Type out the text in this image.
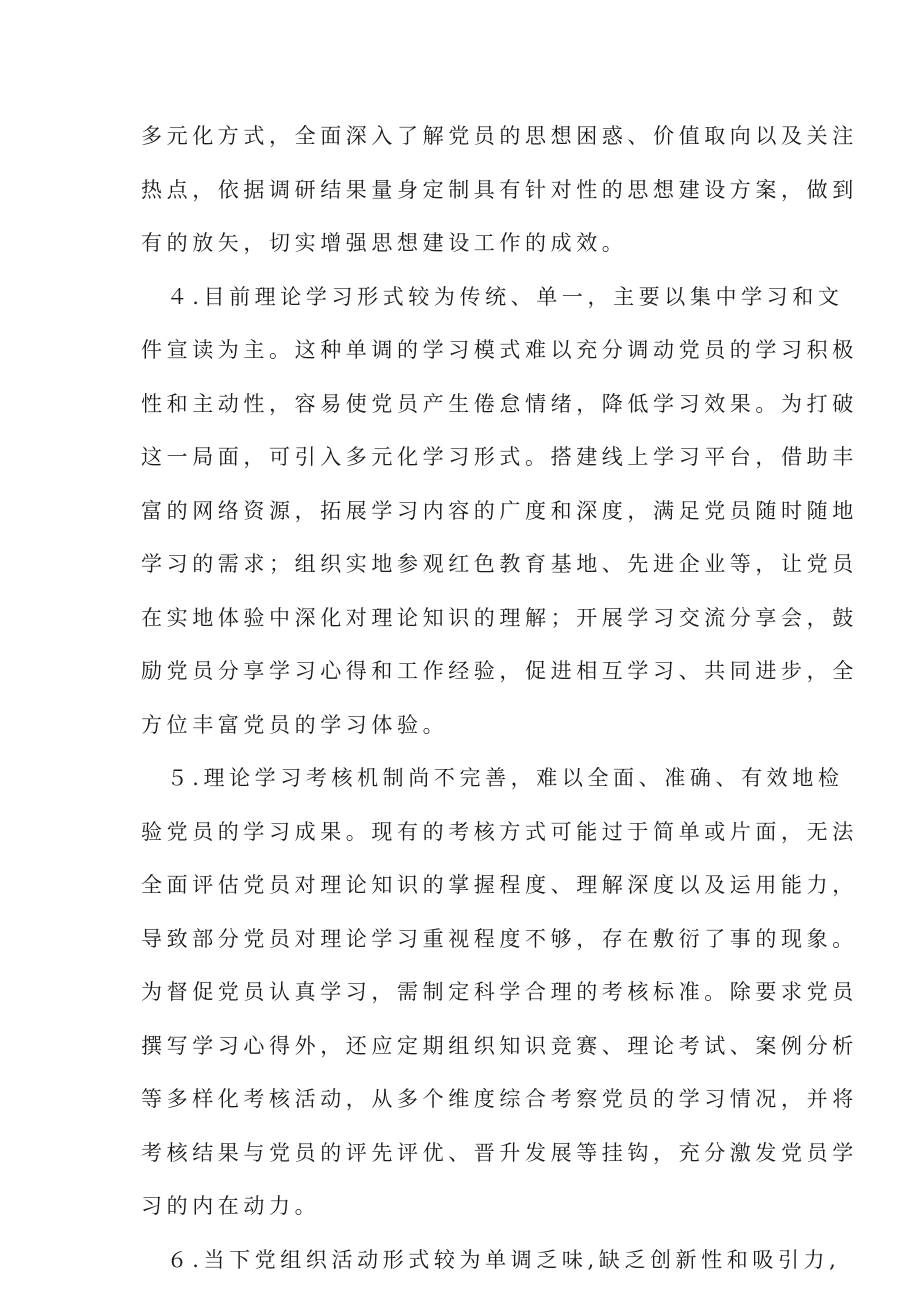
多元化方式，全面深入了解党员的思想困惑、价值取向以及关注
热点，依据调研结果量身定制具有针对性的思想建设方案，做到
有的放矢，切实增强思想建设工作的成效。
　４.目前理论学习形式较为传统、单一，主要以集中学习和文
件宣读为主。这种单调的学习模式难以充分调动党员的学习积极
性和主动性，容易使党员产生倦怠情绪，降低学习效果。为打破
这一局面，可引入多元化学习形式。搭建线上学习平台，借助丰
富的网络资源，拓展学习内容的广度和深度，满足党员随时随地
学习的需求；组织实地参观红色教育基地、先进企业等，让党员
在实地体验中深化对理论知识的理解；开展学习交流分享会，鼓
励党员分享学习心得和工作经验，促进相互学习、共同进步，全
方位丰富党员的学习体验。
　５.理论学习考核机制尚不完善，难以全面、准确、有效地检
验党员的学习成果。现有的考核方式可能过于简单或片面，无法
全面评估党员对理论知识的掌握程度、理解深度以及运用能力，
导致部分党员对理论学习重视程度不够，存在敷衍了事的现象。
为督促党员认真学习，需制定科学合理的考核标准。除要求党员
撰写学习心得外，还应定期组织知识竞赛、理论考试、案例分析
等多样化考核活动，从多个维度综合考察党员的学习情况，并将
考核结果与党员的评先评优、晋升发展等挂钩，充分激发党员学
习的内在动力。
　６.当下党组织活动形式较为单调乏味,缺乏创新性和吸引力,
